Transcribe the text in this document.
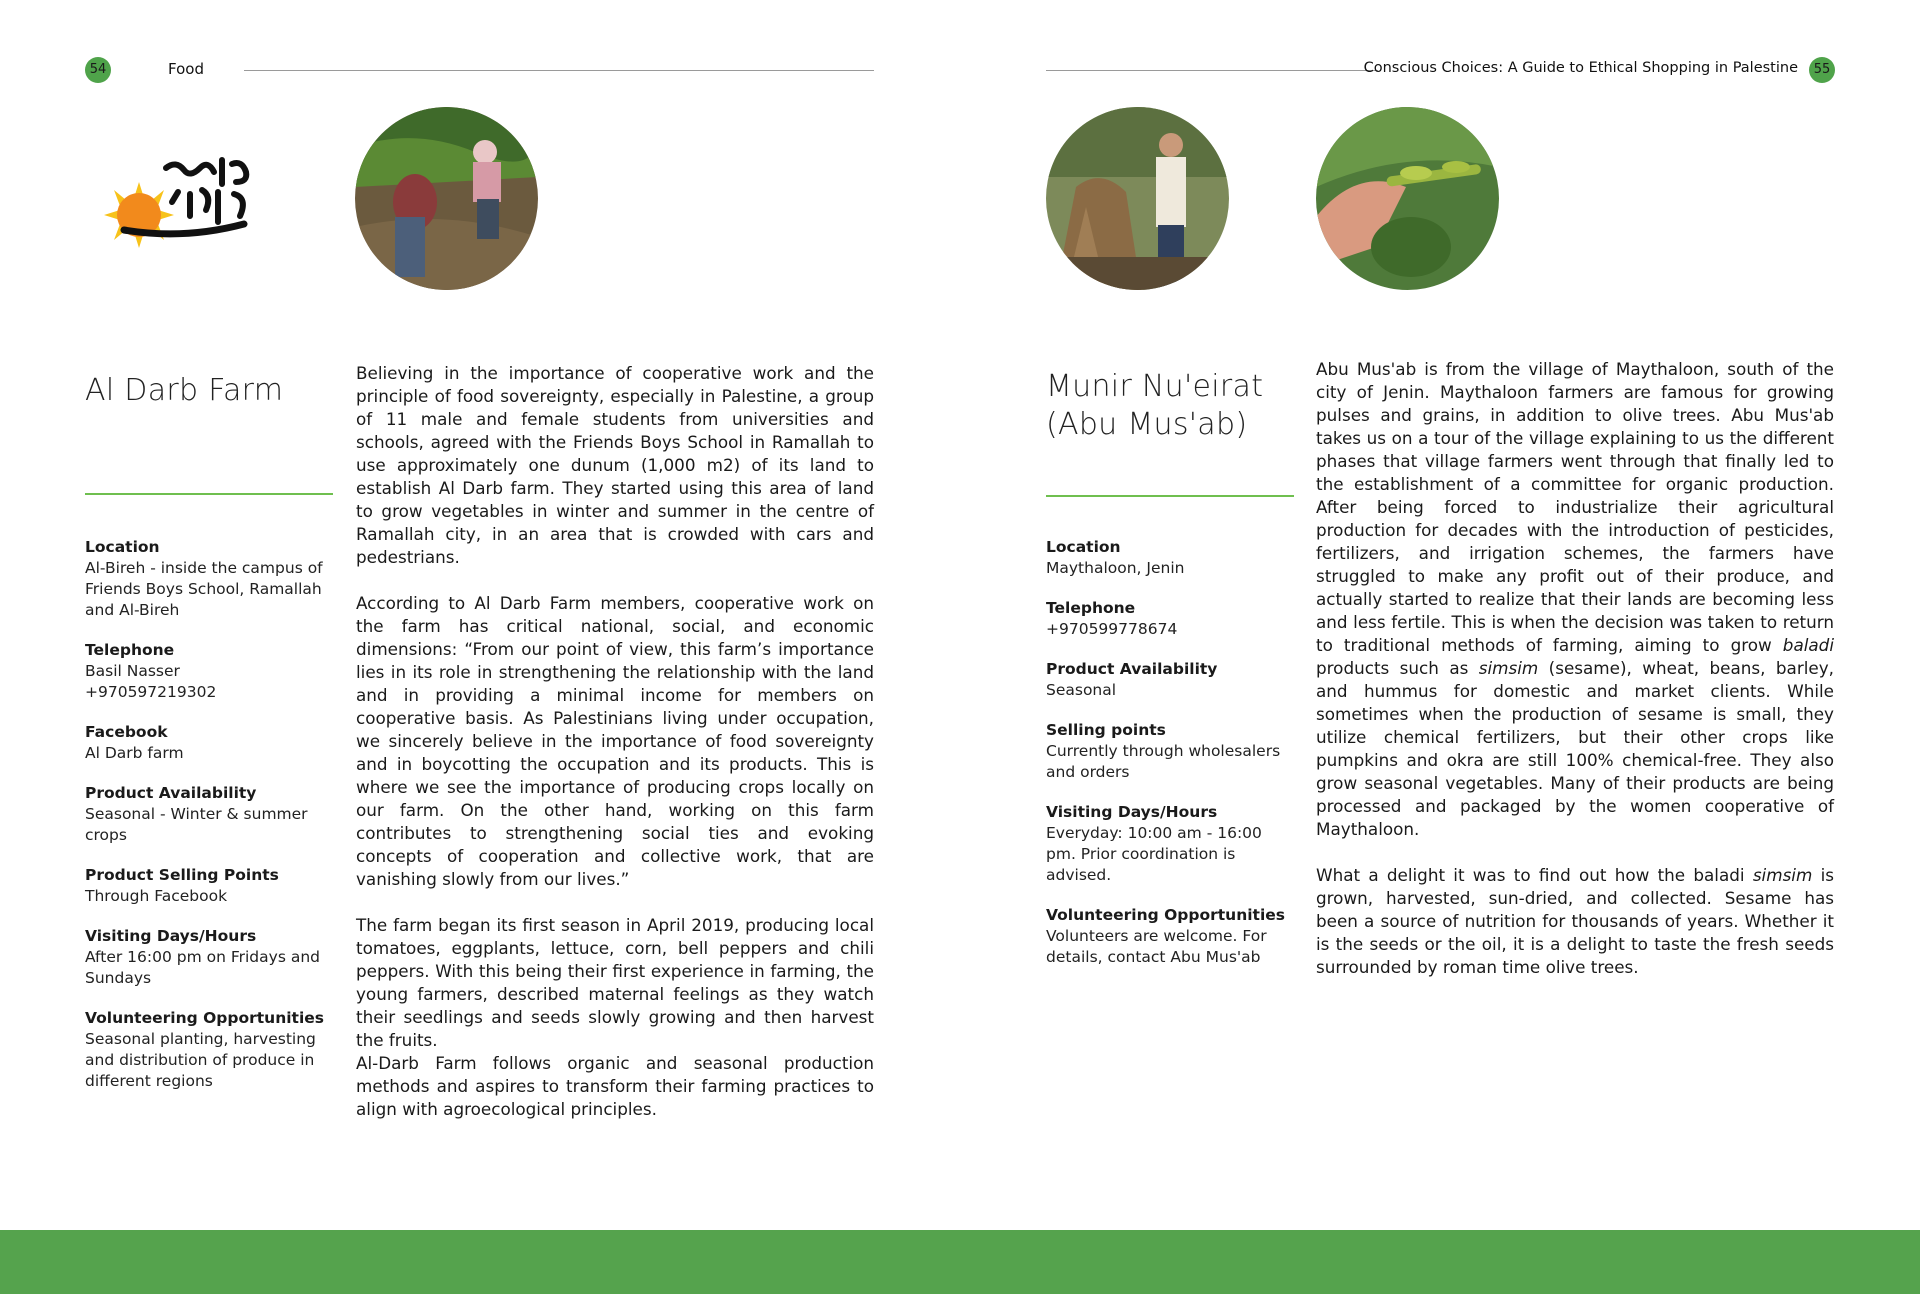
54	Food	Conscious Choices: A Guide to Ethical Shopping in Palestine	55
Al Darb Farm
Location
Al-Bireh - inside the campus of Friends Boys School, Ramallah and Al-Bireh
Telephone
Basil Nasser
+970597219302
Facebook
Al Darb farm
Product Availability
Seasonal - Winter & summer crops
Product Selling Points
Through Facebook
Visiting Days/Hours
After 16:00 pm on Fridays and Sundays
Volunteering Opportunities
Seasonal planting, harvesting and distribution of produce in different regions

Believing in the importance of cooperative work and the principle of food sovereignty, especially in Palestine, a group of 11 male and female students from universities and schools, agreed with the Friends Boys School in Ramallah to use approximately one dunum (1,000 m2) of its land to establish Al Darb farm. They started using this area of land to grow vegetables in winter and summer in the centre of Ramallah city, in an area that is crowded with cars and pedestrians.

According to Al Darb Farm members, cooperative work on the farm has critical national, social, and economic dimensions: “From our point of view, this farm’s importance lies in its role in strengthening the relationship with the land and in providing a minimal income for members on cooperative basis. As Palestinians living under occupation, we sincerely believe in the importance of food sovereignty and in boycotting the occupation and its products. This is where we see the importance of producing crops locally on our farm. On the other hand, working on this farm contributes to strengthening social ties and evoking concepts of cooperation and collective work, that are vanishing slowly from our lives.”

The farm began its first season in April 2019, producing local tomatoes, eggplants, lettuce, corn, bell peppers and chili peppers. With this being their first experience in farming, the young farmers, described maternal feelings as they watch their seedlings and seeds slowly growing and then harvest the fruits.

Al-Darb Farm follows organic and seasonal production methods and aspires to transform their farming practices to align with agroecological principles.

Munir Nu'eirat
(Abu Mus'ab)
Location
Maythaloon, Jenin
Telephone
+970599778674
Product Availability
Seasonal
Selling points
Currently through wholesalers and orders
Visiting Days/Hours
Everyday: 10:00 am - 16:00 pm. Prior coordination is advised.
Volunteering Opportunities
Volunteers are welcome. For details, contact Abu Mus'ab

Abu Mus'ab is from the village of Maythaloon, south of the city of Jenin. Maythaloon farmers are famous for growing pulses and grains, in addition to olive trees. Abu Mus'ab takes us on a tour of the village explaining to us the different phases that village farmers went through that finally led to the establishment of a committee for organic production. After being forced to industrialize their agricultural production for decades with the introduction of pesticides, fertilizers, and irrigation schemes, the farmers have struggled to make any profit out of their produce, and actually started to realize that their lands are becoming less and less fertile. This is when the decision was taken to return to traditional methods of farming, aiming to grow baladi products such as simsim (sesame), wheat, beans, barley, and hummus for domestic and market clients. While sometimes when the production of sesame is small, they utilize chemical fertilizers, but their other crops like pumpkins and okra are still 100% chemical-free. They also grow seasonal vegetables. Many of their products are being processed and packaged by the women cooperative of Maythaloon.

What a delight it was to find out how the baladi simsim is grown, harvested, sun-dried, and collected. Sesame has been a source of nutrition for thousands of years. Whether it is the seeds or the oil, it is a delight to taste the fresh seeds surrounded by roman time olive trees.
